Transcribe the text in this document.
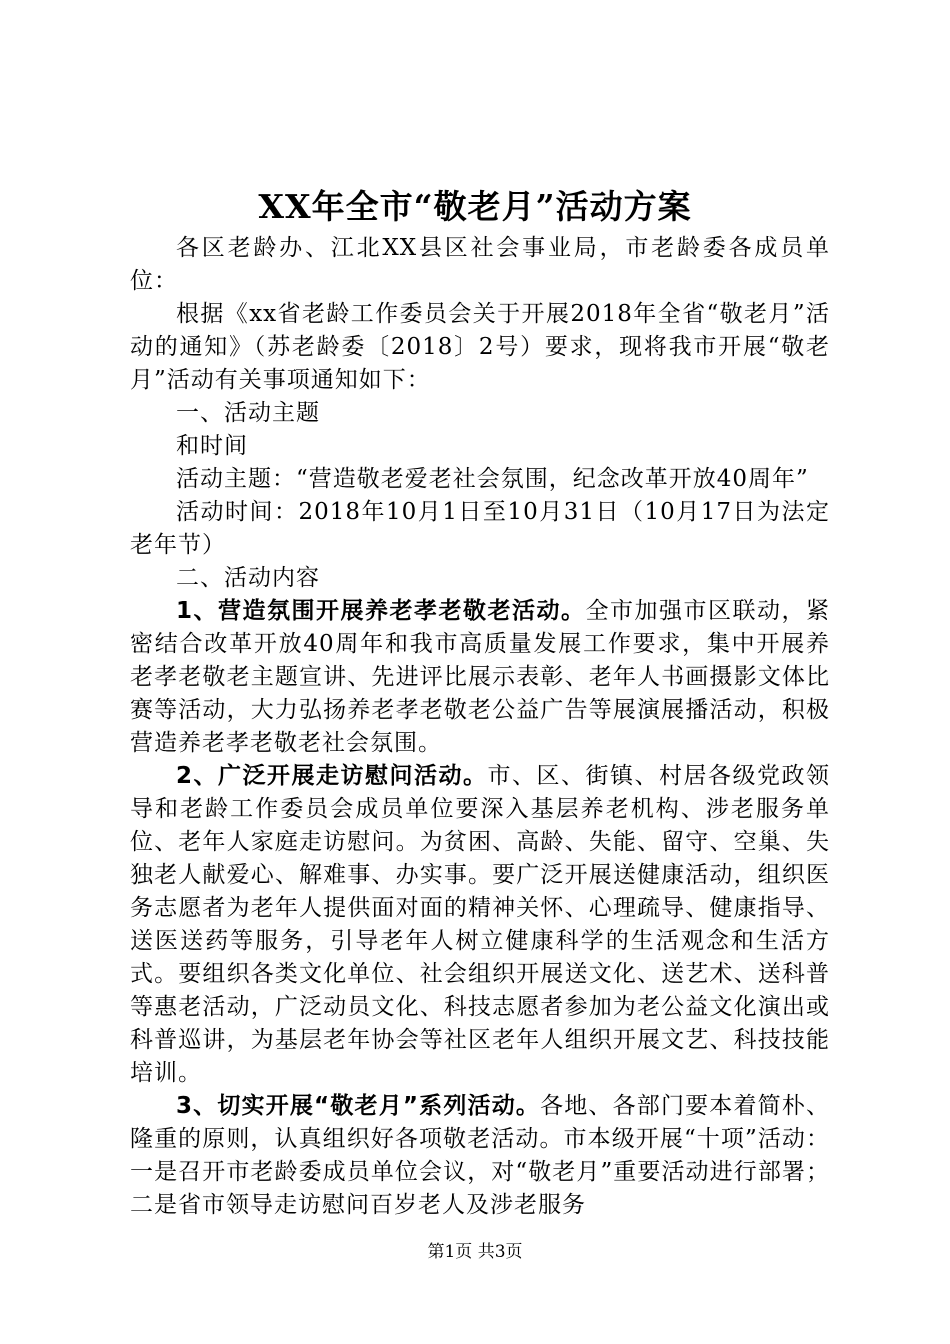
XX年全市“敬老月”活动方案

各区老龄办、江北XX县区社会事业局，市老龄委各成员单位：

根据《xx省老龄工作委员会关于开展2018年全省“敬老月”活动的通知》（苏老龄委〔2018〕2号）要求，现将我市开展“敬老月”活动有关事项通知如下：

一、活动主题

和时间

活动主题：“营造敬老爱老社会氛围，纪念改革开放40周年”

活动时间：2018年10月1日至10月31日（10月17日为法定老年节）

二、活动内容

1、营造氛围开展养老孝老敬老活动。全市加强市区联动，紧密结合改革开放40周年和我市高质量发展工作要求，集中开展养老孝老敬老主题宣讲、先进评比展示表彰、老年人书画摄影文体比赛等活动，大力弘扬养老孝老敬老公益广告等展演展播活动，积极营造养老孝老敬老社会氛围。

2、广泛开展走访慰问活动。市、区、街镇、村居各级党政领导和老龄工作委员会成员单位要深入基层养老机构、涉老服务单位、老年人家庭走访慰问。为贫困、高龄、失能、留守、空巢、失独老人献爱心、解难事、办实事。要广泛开展送健康活动，组织医务志愿者为老年人提供面对面的精神关怀、心理疏导、健康指导、送医送药等服务，引导老年人树立健康科学的生活观念和生活方式。要组织各类文化单位、社会组织开展送文化、送艺术、送科普等惠老活动，广泛动员文化、科技志愿者参加为老公益文化演出或科普巡讲，为基层老年协会等社区老年人组织开展文艺、科技技能培训。

3、切实开展“敬老月”系列活动。各地、各部门要本着简朴、隆重的原则，认真组织好各项敬老活动。市本级开展“十项”活动：一是召开市老龄委成员单位会议，对“敬老月”重要活动进行部署；二是省市领导走访慰问百岁老人及涉老服务

第1页 共3页
